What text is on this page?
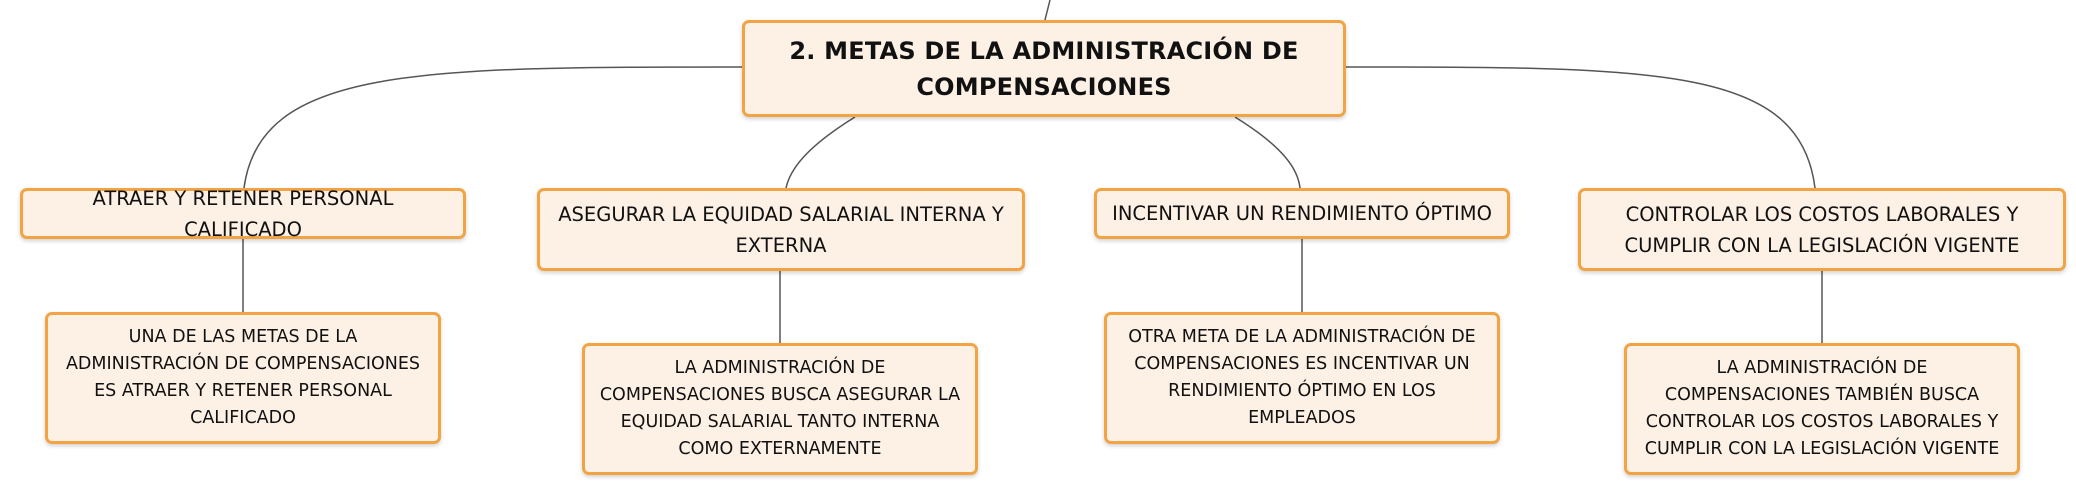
2. METAS DE LA ADMINISTRACIÓN DE COMPENSACIONES
ATRAER Y RETENER PERSONAL CALIFICADO
ASEGURAR LA EQUIDAD SALARIAL INTERNA Y EXTERNA
INCENTIVAR UN RENDIMIENTO ÓPTIMO	CONTROLAR LOS COSTOS LABORALES Y CUMPLIR CON LA LEGISLACIÓN VIGENTE
UNA DE LAS METAS DE LA ADMINISTRACIÓN DE COMPENSACIONES ES ATRAER Y RETENER PERSONAL CALIFICADO
LA ADMINISTRACIÓN DE COMPENSACIONES BUSCA ASEGURAR LA EQUIDAD SALARIAL TANTO INTERNA COMO EXTERNAMENTE
OTRA META DE LA ADMINISTRACIÓN DE COMPENSACIONES ES INCENTIVAR UN RENDIMIENTO ÓPTIMO EN LOS EMPLEADOS
LA ADMINISTRACIÓN DE COMPENSACIONES TAMBIÉN BUSCA CONTROLAR LOS COSTOS LABORALES Y CUMPLIR CON LA LEGISLACIÓN VIGENTE
